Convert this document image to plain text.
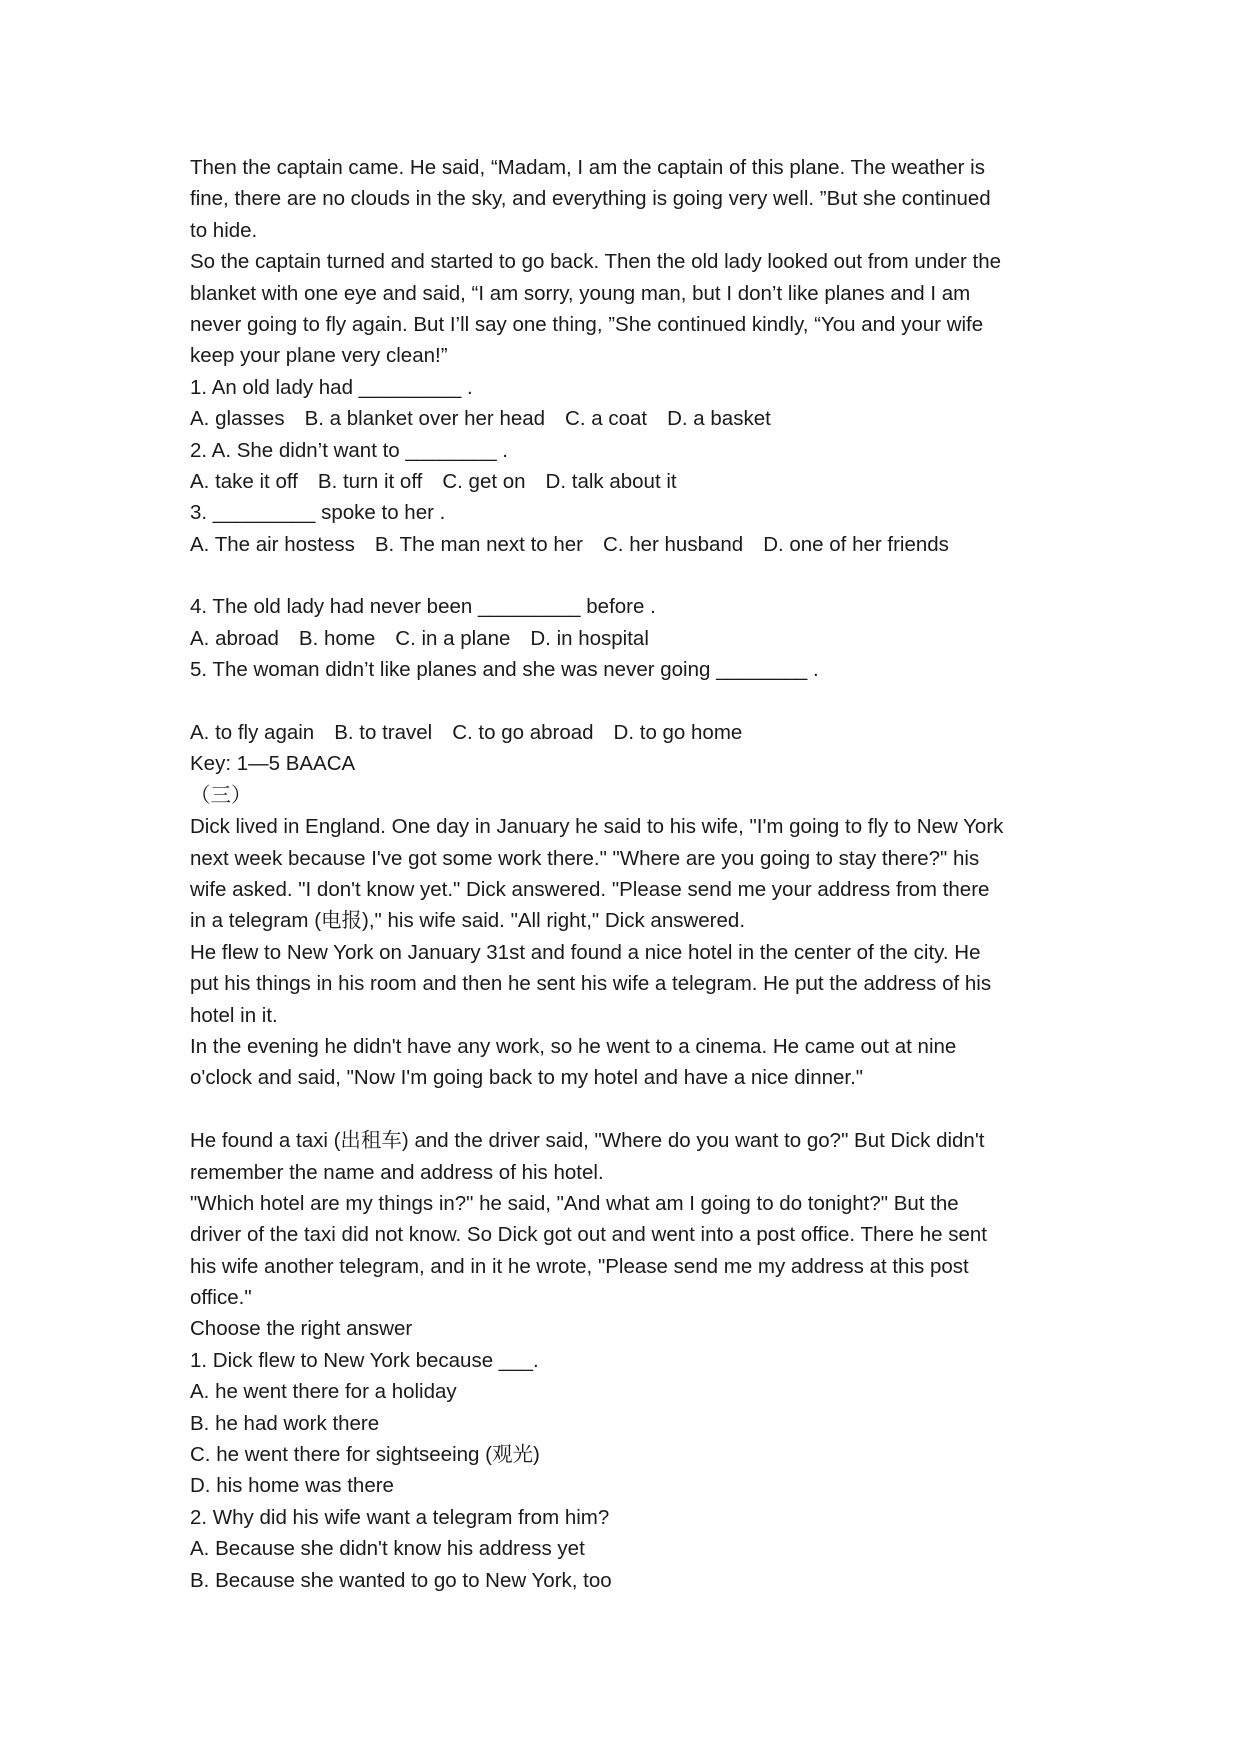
Then the captain came. He said, “Madam, I am the captain of this plane. The weather is

fine, there are no clouds in the sky, and everything is going very well. ”But she continued

to hide.

So the captain turned and started to go back. Then the old lady looked out from under the

blanket with one eye and said, “I am sorry, young man, but I don’t like planes and I am

never going to fly again. But I’ll say one thing, ”She continued kindly, “You and your wife

keep your plane very clean!”

1. An old lady had _________ .

A. glasses B. a blanket over her head C. a coat D. a basket

2. A. She didn’t want to ________ .

A. take it off B. turn it off C. get on D. talk about it

3. _________ spoke to her .

A. The air hostess B. The man next to her C. her husband D. one of her friends

4. The old lady had never been _________ before .

A. abroad B. home C. in a plane D. in hospital

5. The woman didn’t like planes and she was never going ________ .

A. to fly again B. to travel C. to go abroad D. to go home

Key: 1—5 BAACA

（三）

Dick lived in England. One day in January he said to his wife, "I'm going to fly to New York

next week because I've got some work there." "Where are you going to stay there?" his

wife asked. "I don't know yet." Dick answered. "Please send me your address from there

in a telegram (电报)," his wife said. "All right," Dick answered.

He flew to New York on January 31st and found a nice hotel in the center of the city. He

put his things in his room and then he sent his wife a telegram. He put the address of his

hotel in it.

In the evening he didn't have any work, so he went to a cinema. He came out at nine

o'clock and said, "Now I'm going back to my hotel and have a nice dinner."

He found a taxi (出租车) and the driver said, "Where do you want to go?" But Dick didn't

remember the name and address of his hotel.

"Which hotel are my things in?" he said, "And what am I going to do tonight?" But the

driver of the taxi did not know. So Dick got out and went into a post office. There he sent

his wife another telegram, and in it he wrote, "Please send me my address at this post

office."

Choose the right answer

1. Dick flew to New York because ___.

A. he went there for a holiday

B. he had work there

C. he went there for sightseeing (观光)

D. his home was there

2. Why did his wife want a telegram from him?

A. Because she didn't know his address yet

B. Because she wanted to go to New York, too
